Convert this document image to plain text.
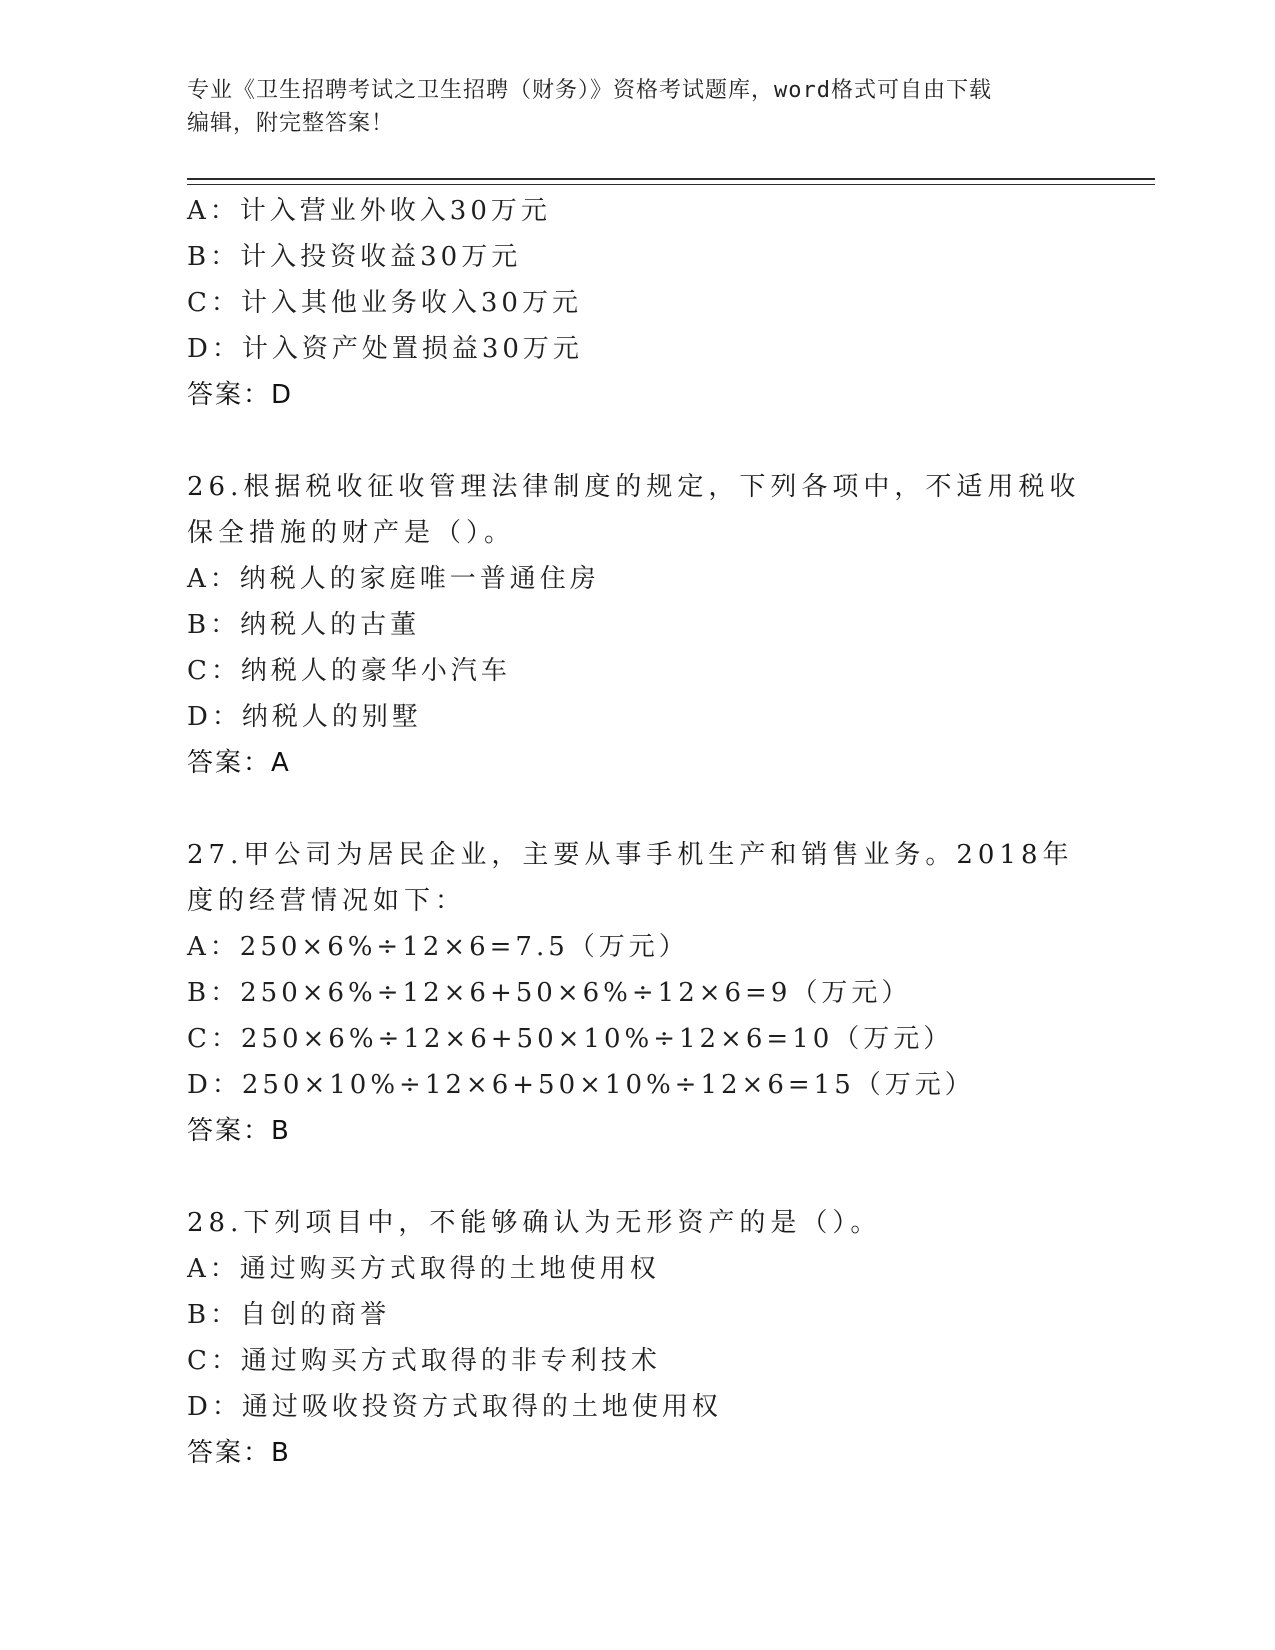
专业《卫生招聘考试之卫生招聘（财务）》资格考试题库，word格式可自由下载
编辑，附完整答案！
A：计入营业外收入30万元
B：计入投资收益30万元
C：计入其他业务收入30万元
D：计入资产处置损益30万元
答案：D
26.根据税收征收管理法律制度的规定，下列各项中，不适用税收保全措施的财产是（）。
A：纳税人的家庭唯一普通住房
B：纳税人的古董
C：纳税人的豪华小汽车
D：纳税人的别墅
答案：A
27.甲公司为居民企业，主要从事手机生产和销售业务。2018年度的经营情况如下：
A：250×6%÷12×6=7.5（万元）
B：250×6%÷12×6+50×6%÷12×6=9（万元）
C：250×6%÷12×6+50×10%÷12×6=10（万元）
D：250×10%÷12×6+50×10%÷12×6=15（万元）
答案：B
28.下列项目中，不能够确认为无形资产的是（）。
A：通过购买方式取得的土地使用权
B：自创的商誉
C：通过购买方式取得的非专利技术
D：通过吸收投资方式取得的土地使用权
答案：B
